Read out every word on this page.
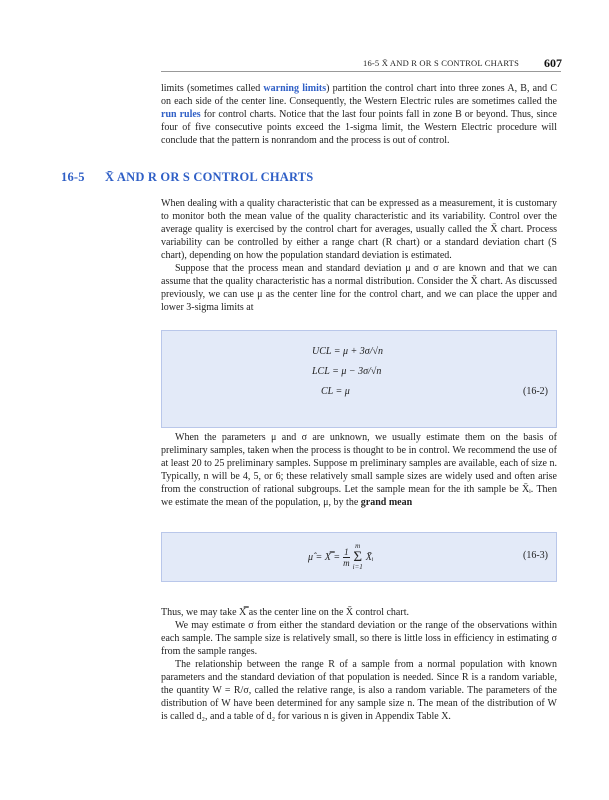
16-5 X̄ AND R OR S CONTROL CHARTS 607

limits (sometimes called warning limits) partition the control chart into three zones A, B, and C on each side of the center line. Consequently, the Western Electric rules are sometimes called the run rules for control charts. Notice that the last four points fall in zone B or beyond. Thus, since four of five consecutive points exceed the 1-sigma limit, the Western Electric procedure will conclude that the pattern is nonrandom and the process is out of control.

16-5 X̄ AND R OR S CONTROL CHARTS

When dealing with a quality characteristic that can be expressed as a measurement, it is customary to monitor both the mean value of the quality characteristic and its variability. Control over the average quality is exercised by the control chart for averages, usually called the X̄ chart. Process variability can be controlled by either a range chart (R chart) or a standard deviation chart (S chart), depending on how the population standard deviation is estimated.

Suppose that the process mean and standard deviation μ and σ are known and that we can assume that the quality characteristic has a normal distribution. Consider the X̄ chart. As discussed previously, we can use μ as the center line for the control chart, and we can place the upper and lower 3-sigma limits at

UCL = μ + 3σ/√n
LCL = μ − 3σ/√n
CL = μ	(16-2)

When the parameters μ and σ are unknown, we usually estimate them on the basis of preliminary samples, taken when the process is thought to be in control. We recommend the use of at least 20 to 25 preliminary samples. Suppose m preliminary samples are available, each of size n. Typically, n will be 4, 5, or 6; these relatively small sample sizes are widely used and often arise from the construction of rational subgroups. Let the sample mean for the ith sample be X̄ᵢ. Then we estimate the mean of the population, μ, by the grand mean

μ̂ = X̿ = $\frac{1}{m}$
m
Σ
i=1
X̄ᵢ	(16-3)

Thus, we may take X̿ as the center line on the X̄ control chart.

We may estimate σ from either the standard deviation or the range of the observations within each sample. The sample size is relatively small, so there is little loss in efficiency in estimating σ from the sample ranges.

The relationship between the range R of a sample from a normal population with known parameters and the standard deviation of that population is needed. Since R is a random variable, the quantity W = R/σ, called the relative range, is also a random variable. The parameters of the distribution of W have been determined for any sample size n. The mean of the distribution of W is called d₂, and a table of d₂ for various n is given in Appendix Table X.
